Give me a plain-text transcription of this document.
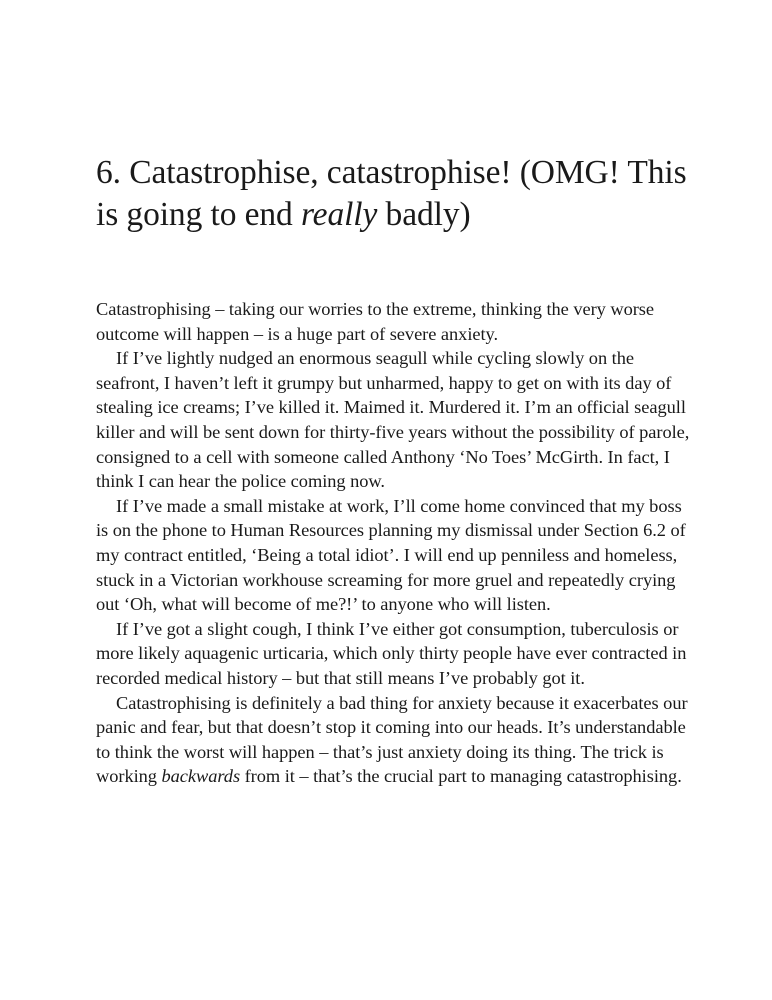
6. Catastrophise, catastrophise! (OMG! This is going to end really badly)

Catastrophising – taking our worries to the extreme, thinking the very worse outcome will happen – is a huge part of severe anxiety.

If I’ve lightly nudged an enormous seagull while cycling slowly on the seafront, I haven’t left it grumpy but unharmed, happy to get on with its day of stealing ice creams; I’ve killed it. Maimed it. Murdered it. I’m an official seagull killer and will be sent down for thirty-five years without the possibility of parole, consigned to a cell with someone called Anthony ‘No Toes’ McGirth. In fact, I think I can hear the police coming now.

If I’ve made a small mistake at work, I’ll come home convinced that my boss is on the phone to Human Resources planning my dismissal under Section 6.2 of my contract entitled, ‘Being a total idiot’. I will end up penniless and homeless, stuck in a Victorian workhouse screaming for more gruel and repeatedly crying out ‘Oh, what will become of me?!’ to anyone who will listen.

If I’ve got a slight cough, I think I’ve either got consumption, tuberculosis or more likely aquagenic urticaria, which only thirty people have ever contracted in recorded medical history – but that still means I’ve probably got it.

Catastrophising is definitely a bad thing for anxiety because it exacerbates our panic and fear, but that doesn’t stop it coming into our heads. It’s understandable to think the worst will happen – that’s just anxiety doing its thing. The trick is working backwards from it – that’s the crucial part to managing catastrophising.
